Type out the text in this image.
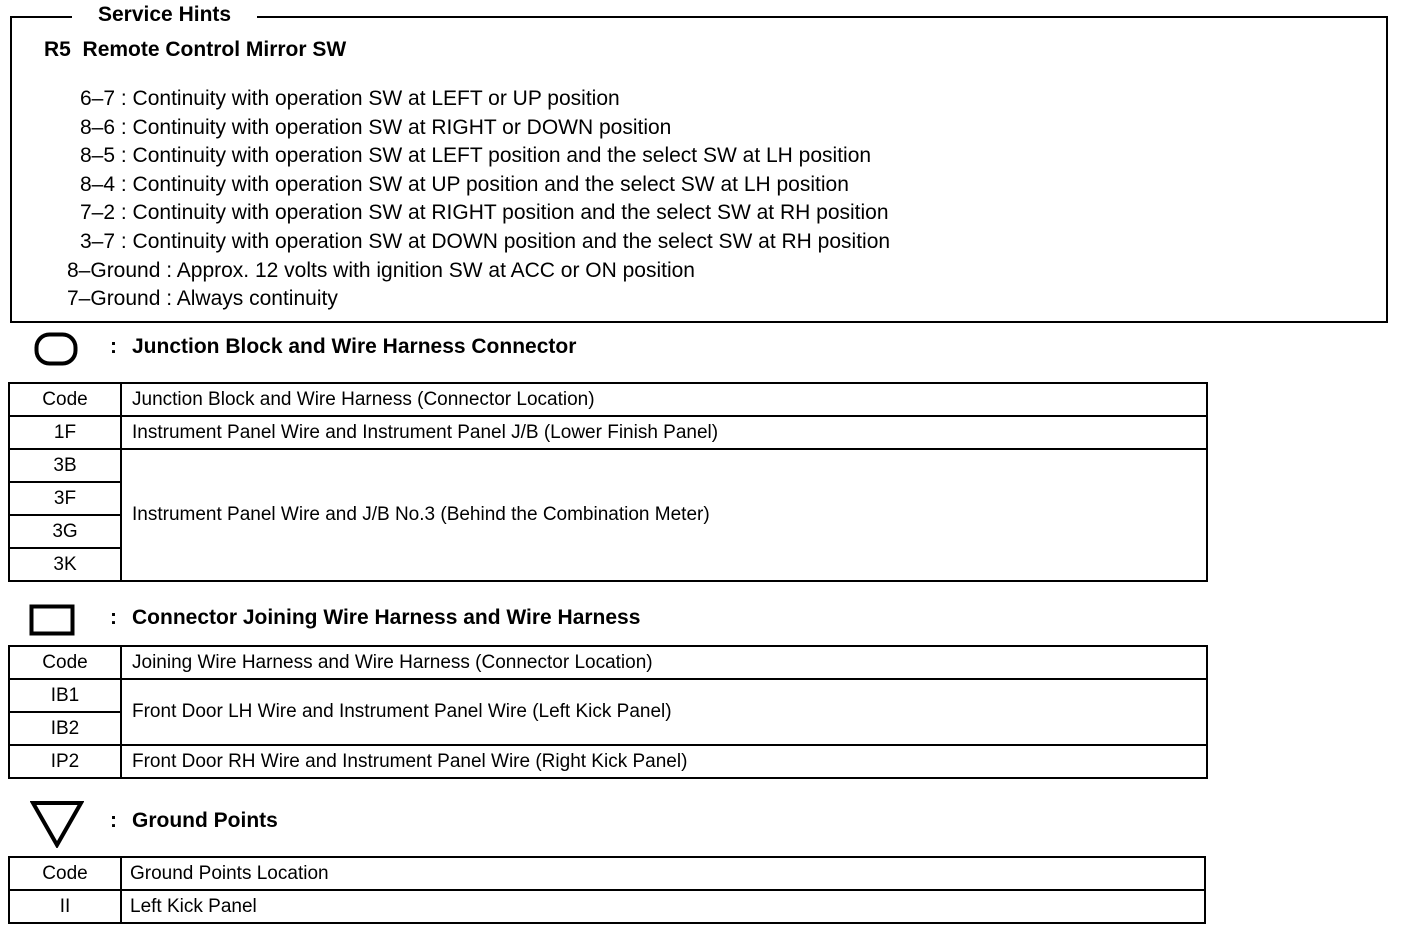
6–7 : Continuity with operation SW at LEFT or UP position
8–6 : Continuity with operation SW at RIGHT or DOWN position
8–5 : Continuity with operation SW at LEFT position and the select SW at LH position
8–4 : Continuity with operation SW at UP position and the select SW at LH position
7–2 : Continuity with operation SW at RIGHT position and the select SW at RH position
3–7 : Continuity with operation SW at DOWN position and the select SW at RH position
8–Ground : Approx. 12 volts with ignition SW at ACC or ON position
7–Ground : Always continuity
Service Hints
R5 Remote Control Mirror SW
: Junction Block and Wire Harness Connector
Code	Junction Block and Wire Harness (Connector Location)
1F	Instrument Panel Wire and Instrument Panel J/B (Lower Finish Panel)
3B	Instrument Panel Wire and J/B No.3 (Behind the Combination Meter)
3F	
3G	
3K	
: Connector Joining Wire Harness and Wire Harness
Code	Joining Wire Harness and Wire Harness (Connector Location)
IB1	Front Door LH Wire and Instrument Panel Wire (Left Kick Panel)
IB2	
IP2	Front Door RH Wire and Instrument Panel Wire (Right Kick Panel)
: Ground Points
Code	Ground Points Location
II	Left Kick Panel
